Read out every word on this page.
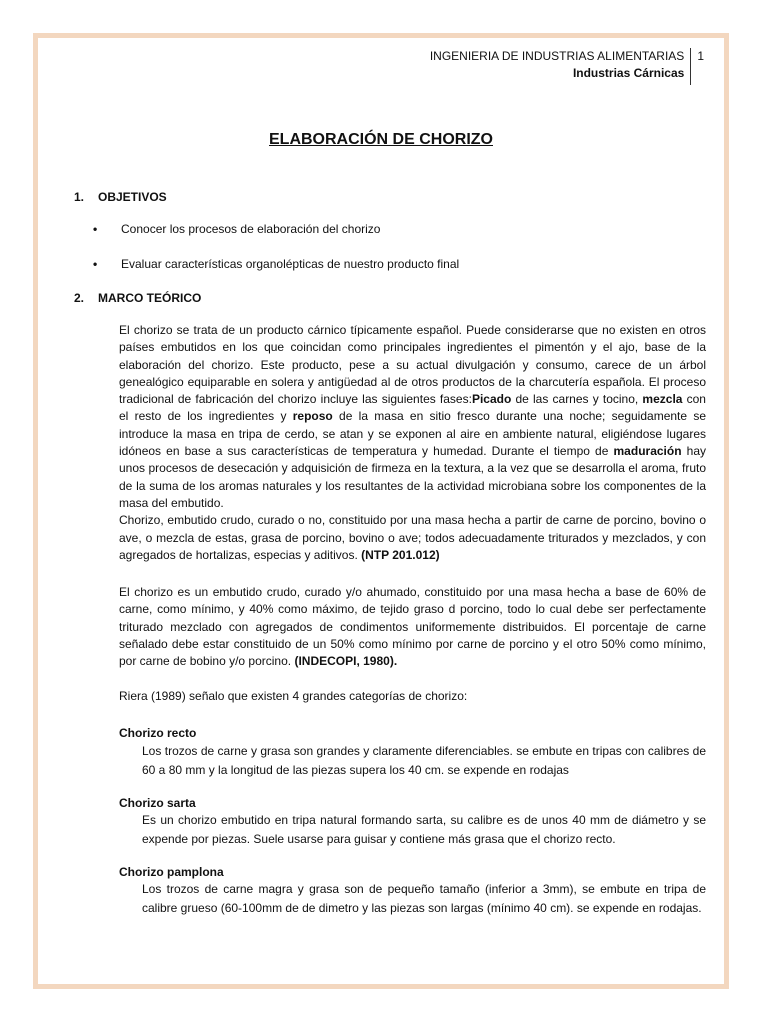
INGENIERIA DE INDUSTRIAS ALIMENTARIAS
Industrias Cárnicas
1
ELABORACIÓN DE CHORIZO
1. OBJETIVOS
• Conocer los procesos de elaboración del chorizo
• Evaluar características organolépticas de nuestro producto final
2. MARCO TEÓRICO
El chorizo se trata de un producto cárnico típicamente español. Puede considerarse que no existen en otros países embutidos en los que coincidan como principales ingredientes el pimentón y el ajo, base de la elaboración del chorizo. Este producto, pese a su actual divulgación y consumo, carece de un árbol genealógico equiparable en solera y antigüedad al de otros productos de la charcutería española. El proceso tradicional de fabricación del chorizo incluye las siguientes fases:Picado de las carnes y tocino, mezcla con el resto de los ingredientes y reposo de la masa en sitio fresco durante una noche; seguidamente se introduce la masa en tripa de cerdo, se atan y se exponen al aire en ambiente natural, eligiéndose lugares idóneos en base a sus características de temperatura y humedad. Durante el tiempo de maduración hay unos procesos de desecación y adquisición de firmeza en la textura, a la vez que se desarrolla el aroma, fruto de la suma de los aromas naturales y los resultantes de la actividad microbiana sobre los componentes de la masa del embutido.
Chorizo, embutido crudo, curado o no, constituido por una masa hecha a partir de carne de porcino, bovino o ave, o mezcla de estas, grasa de porcino, bovino o ave; todos adecuadamente triturados y mezclados, y con agregados de hortalizas, especias y aditivos. (NTP 201.012)
El chorizo es un embutido crudo, curado y/o ahumado, constituido por una masa hecha a base de 60% de carne, como mínimo, y 40% como máximo, de tejido graso d porcino, todo lo cual debe ser perfectamente triturado mezclado con agregados de condimentos uniformemente distribuidos. El porcentaje de carne señalado debe estar constituido de un 50% como mínimo por carne de porcino y el otro 50% como mínimo, por carne de bobino y/o porcino. (INDECOPI, 1980).
Riera (1989) señalo que existen 4 grandes categorías de chorizo:
Chorizo recto
Los trozos de carne y grasa son grandes y claramente diferenciables. se embute en tripas con calibres de 60 a 80 mm y la longitud de las piezas supera los 40 cm. se expende en rodajas
Chorizo sarta
Es un chorizo embutido en tripa natural formando sarta, su calibre es de unos 40 mm de diámetro y se expende por piezas. Suele usarse para guisar y contiene más grasa que el chorizo recto.
Chorizo pamplona
Los trozos de carne magra y grasa son de pequeño tamaño (inferior a 3mm), se embute en tripa de calibre grueso (60-100mm de de dimetro y las piezas son largas (mínimo 40 cm). se expende en rodajas.
